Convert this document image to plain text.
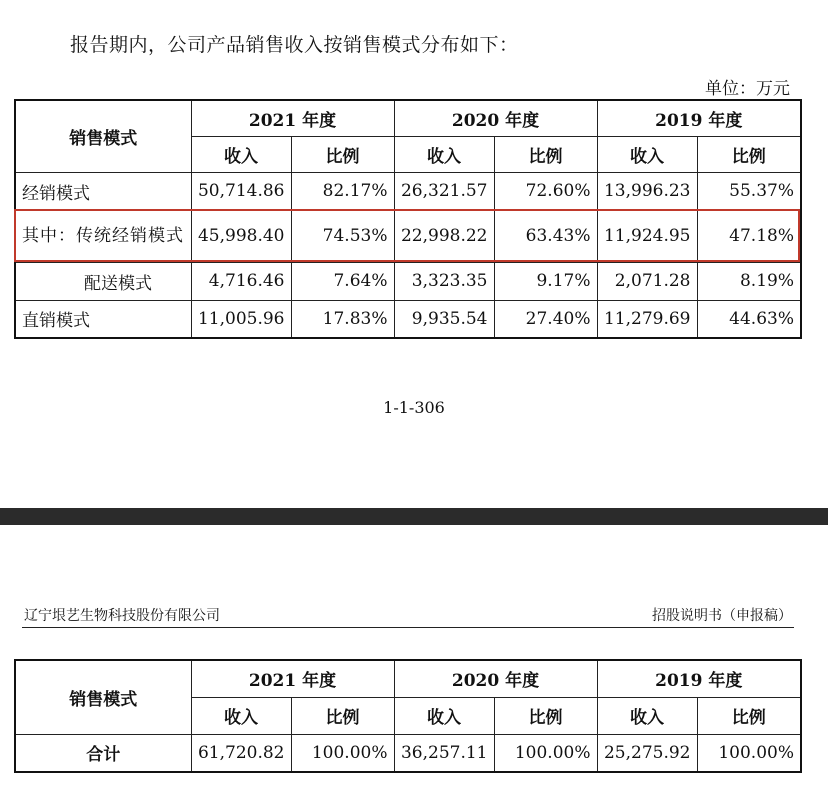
报告期内，公司产品销售收入按销售模式分布如下：
单位：万元
销售模式	2021 年度		2020 年度		2019 年度	
	收入	比例	收入	比例	收入	比例
经销模式	50,714.86	82.17%	26,321.57	72.60%	13,996.23	55.37%
其中：传统经销模式	45,998.40	74.53%	22,998.22	63.43%	11,924.95	47.18%
配送模式	4,716.46	7.64%	3,323.35	9.17%	2,071.28	8.19%
直销模式	11,005.96	17.83%	9,935.54	27.40%	11,279.69	44.63%
1-1-306
辽宁垠艺生物科技股份有限公司	招股说明书（申报稿）
销售模式	2021 年度		2020 年度		2019 年度	
	收入	比例	收入	比例	收入	比例
合计	61,720.82	100.00%	36,257.11	100.00%	25,275.92	100.00%
